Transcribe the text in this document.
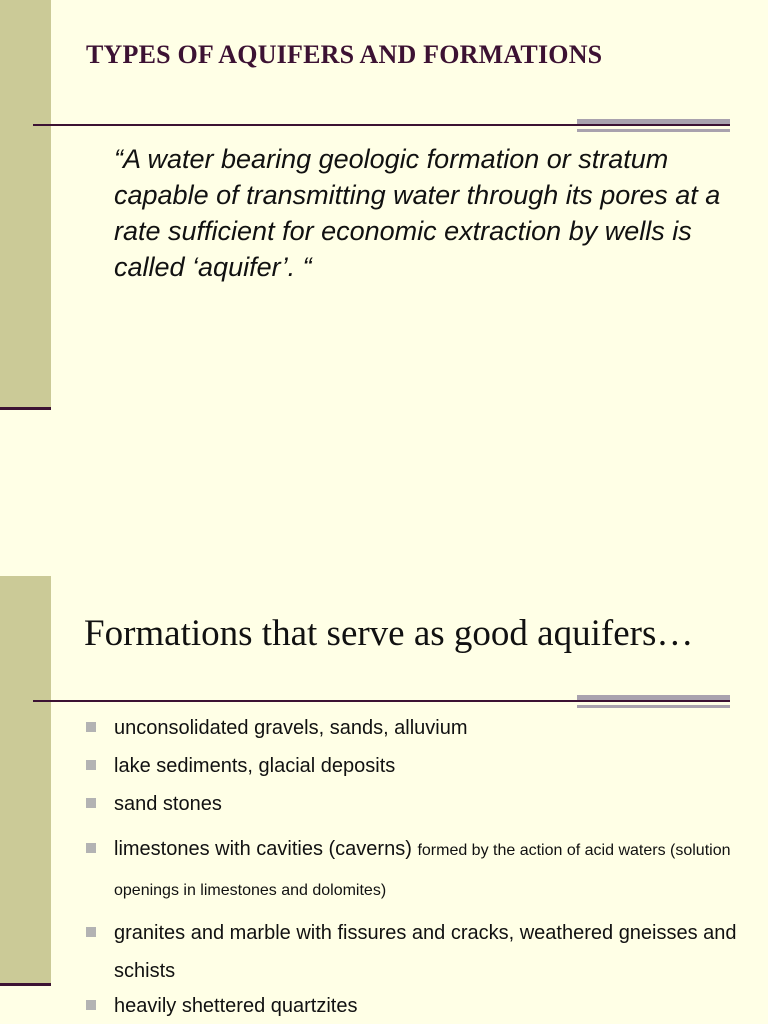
TYPES OF AQUIFERS AND FORMATIONS
“A water bearing geologic formation or stratum capable of transmitting water through its pores at a rate sufficient for economic extraction by wells is called ‘aquifer’. “
Formations that serve as good aquifers…
unconsolidated gravels, sands, alluvium
lake sediments, glacial deposits
sand stones
limestones with cavities (caverns) formed by the action of acid waters (solution openings in limestones and dolomites)
granites and marble with fissures and cracks, weathered gneisses and schists
heavily shettered quartzites
